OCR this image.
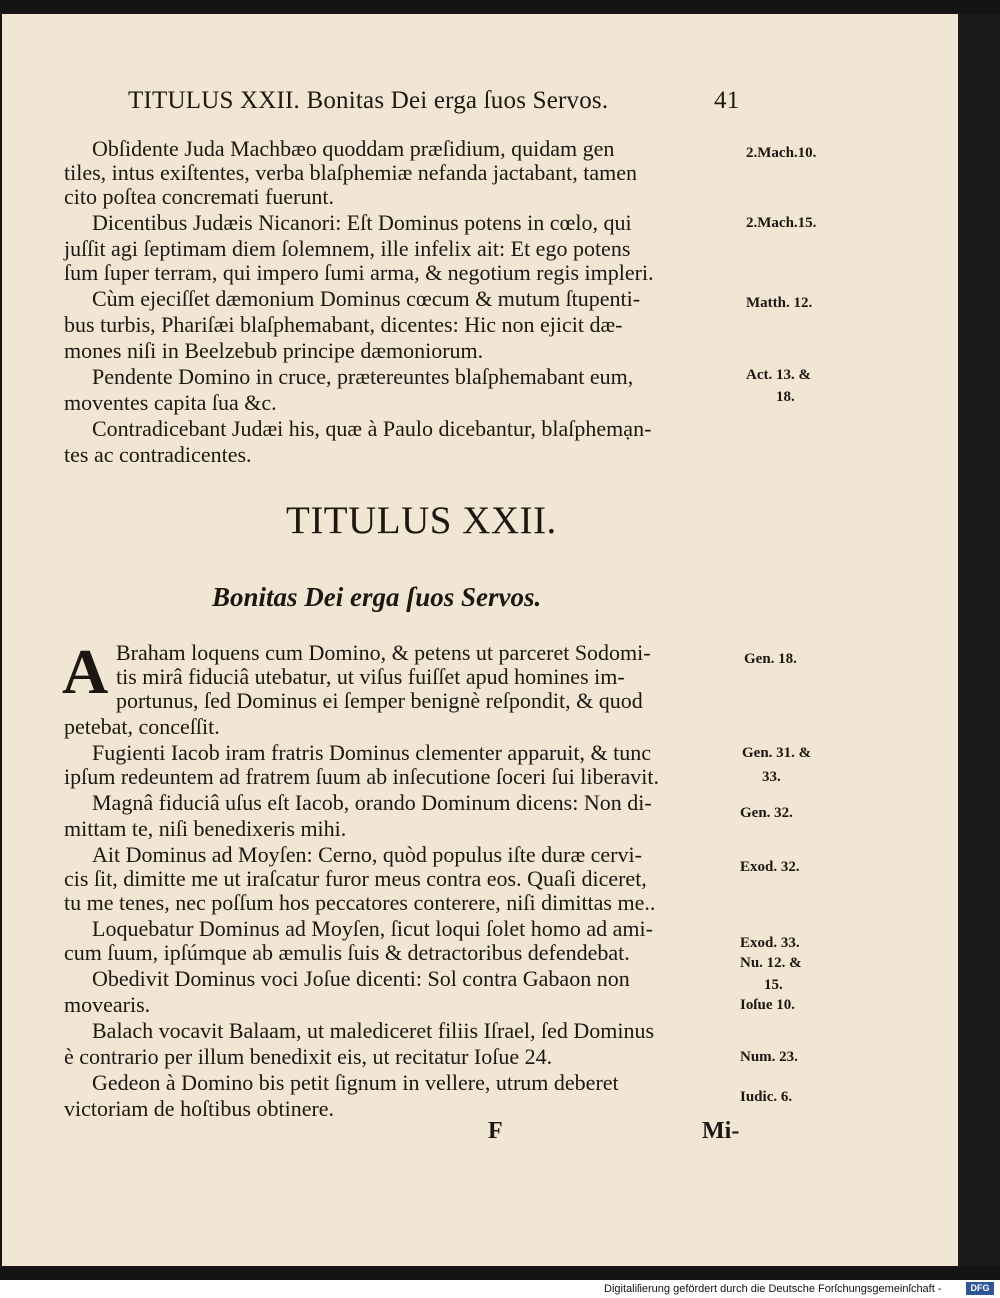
TITULUS XXII. Bonitas Dei erga ſuos Servos.	41
Obſidente Juda Machbæo quoddam præſidium, quidam gen
tiles, intus exiſtentes, verba blaſphemiæ nefanda jactabant, tamen
cito poſtea concremati fuerunt.
Dicentibus Judæis Nicanori: Eſt Dominus potens in cœlo, qui
juſſit agi ſeptimam diem ſolemnem, ille infelix ait: Et ego potens
ſum ſuper terram, qui impero ſumi arma, & negotium regis impleri.
Cùm ejeciſſet dæmonium Dominus cœcum & mutum ſtupenti-
bus turbis, Phariſæi blaſphemabant, dicentes: Hic non ejicit dæ-
mones niſi in Beelzebub principe dæmoniorum.
Pendente Domino in cruce, prætereuntes blaſphemabant eum,
moventes capita ſua &c.
Contradicebant Judæi his, quæ à Paulo dicebantur, blaſphemạn-
tes ac contradicentes.
2.Mach.10.
2.Mach.15.
Matth. 12.
Act. 13. &
18.
TITULUS XXII.
Bonitas Dei erga ſuos Servos.
A Braham loquens cum Domino, & petens ut parceret Sodomi-
tis mirâ fiduciâ utebatur, ut viſus fuiſſet apud homines im-
portunus, ſed Dominus ei ſemper benignè reſpondit, & quod
petebat, conceſſit.
Fugienti Iacob iram fratris Dominus clementer apparuit, & tunc
ipſum redeuntem ad fratrem ſuum ab inſecutione ſoceri ſui liberavit.
Magnâ fiduciâ uſus eſt Iacob, orando Dominum dicens: Non di-
mittam te, niſi benedixeris mihi.
Ait Dominus ad Moyſen: Cerno, quòd populus iſte duræ cervi-
cis ſit, dimitte me ut iraſcatur furor meus contra eos. Quaſi diceret,
tu me tenes, nec poſſum hos peccatores conterere, niſi dimittas me..
Loquebatur Dominus ad Moyſen, ſicut loqui ſolet homo ad ami-
cum ſuum, ipſúmque ab æmulis ſuis & detractoribus defendebat.
Obedivit Dominus voci Joſue dicenti: Sol contra Gabaon non
movearis.
Balach vocavit Balaam, ut malediceret filiis Iſrael, ſed Dominus
è contrario per illum benedixit eis, ut recitatur Ioſue 24.
Gedeon à Domino bis petit ſignum in vellere, utrum deberet
victoriam de hoſtibus obtinere.
Gen. 18.
Gen. 31. &
33.
Gen. 32.
Exod. 32.
Exod. 33.
Nu. 12. &
15.
Ioſue 10.
Num. 23.
Iudic. 6.
F	Mi-
Digitaliſierung gefördert durch die Deutsche Forſchungsgemeinſchaft -	DFG
